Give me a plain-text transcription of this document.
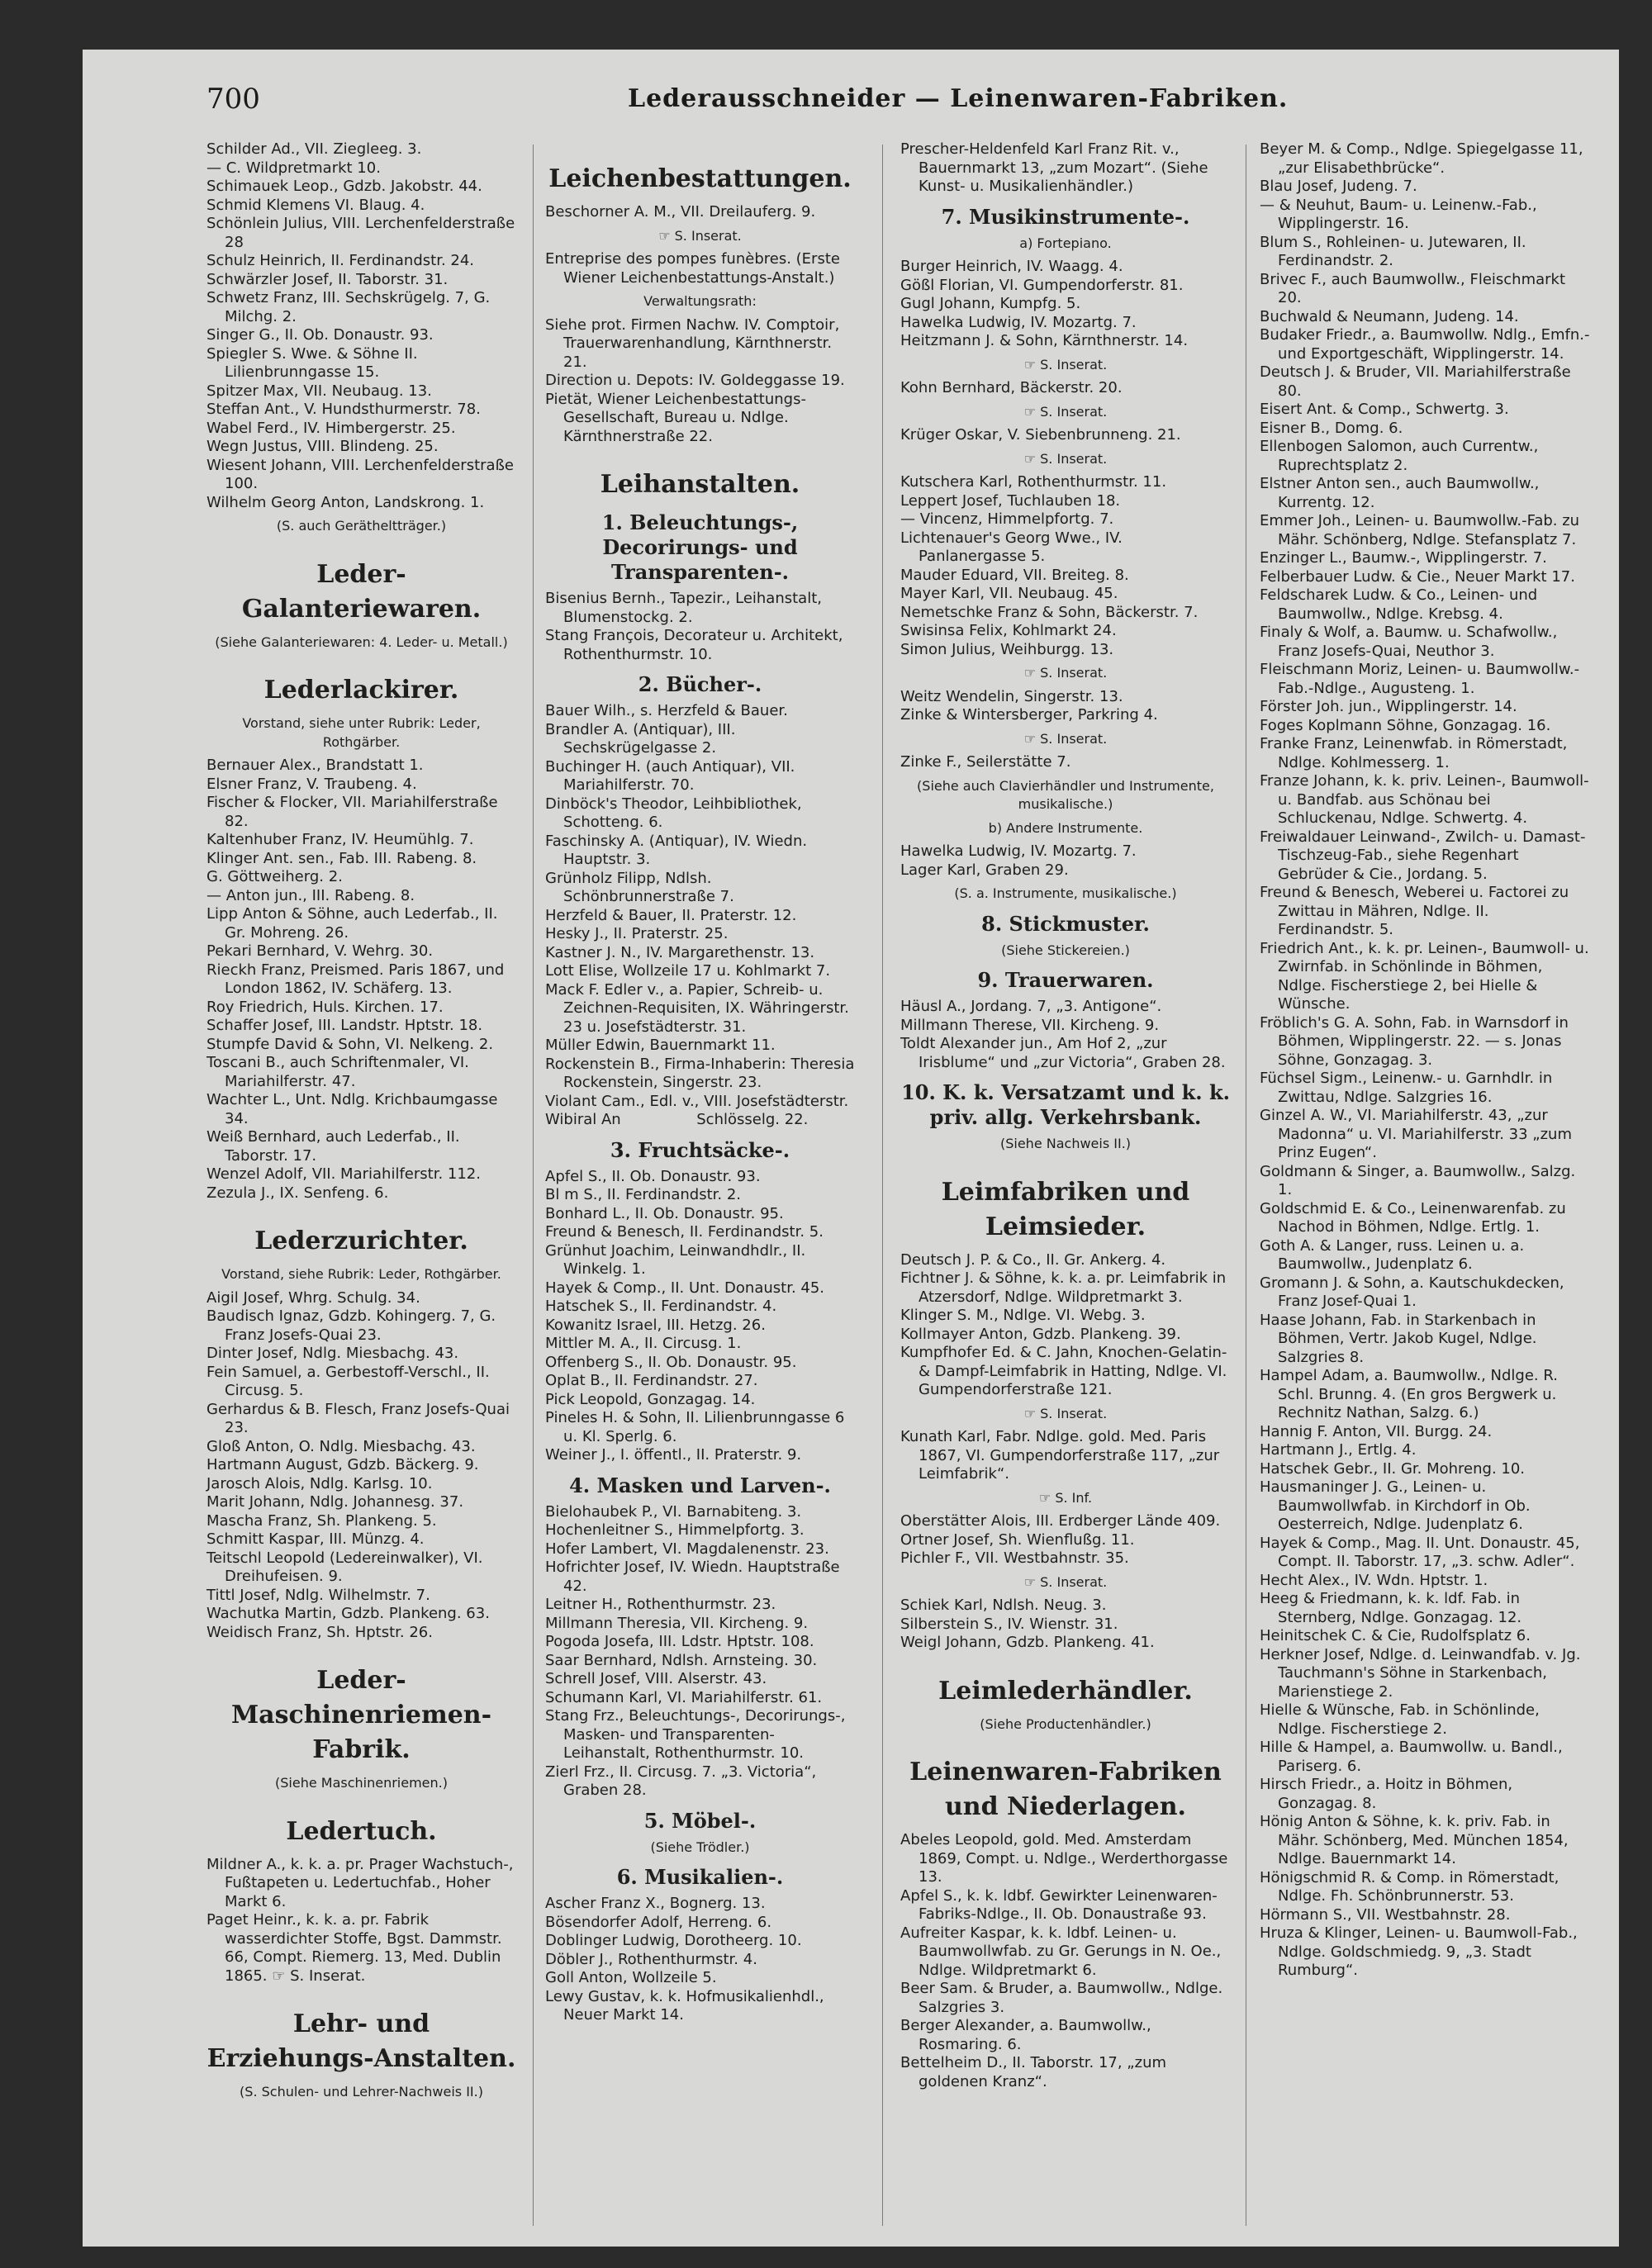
700	Lederausschneider — Leinenwaren-Fabriken.
Schilder Ad., VII. Ziegleeg. 3.
— C. Wildpretmarkt 10.
Schimauek Leop., Gdzb. Jakobstr. 44.
Schmid Klemens VI. Blaug. 4.
Schönlein Julius, VIII. Lerchenfelderstraße 28
Schulz Heinrich, II. Ferdinandstr. 24.
Schwärzler Josef, II. Taborstr. 31.
Schwetz Franz, III. Sechskrügelg. 7, G. Milchg. 2.
Singer G., II. Ob. Donaustr. 93.
Spiegler S. Wwe. & Söhne II. Lilienbrunngasse 15.
Spitzer Max, VII. Neubaug. 13.
Steffan Ant., V. Hundsthurmerstr. 78.
Wabel Ferd., IV. Himbergerstr. 25.
Wegn Justus, VIII. Blindeng. 25.
Wiesent Johann, VIII. Lerchenfelderstraße 100.
Wilhelm Georg Anton, Landskrong. 1.
(S. auch Gerätheltträger.)
Leder-Galanteriewaren.
(Siehe Galanteriewaren: 4. Leder- u. Metall.)
Lederlackirer.
Vorstand, siehe unter Rubrik: Leder, Rothgärber.
Bernauer Alex., Brandstatt 1.
Elsner Franz, V. Traubeng. 4.
Fischer & Flocker, VII. Mariahilferstraße 82.
Kaltenhuber Franz, IV. Heumühlg. 7.
Klinger Ant. sen., Fab. III. Rabeng. 8.
G. Göttweiherg. 2.
— Anton jun., III. Rabeng. 8.
Lipp Anton & Söhne, auch Lederfab., II. Gr. Mohreng. 26.
Pekari Bernhard, V. Wehrg. 30.
Rieckh Franz, Preismed. Paris 1867, und London 1862, IV. Schäferg. 13.
Roy Friedrich, Huls. Kirchen. 17.
Schaffer Josef, III. Landstr. Hptstr. 18.
Stumpfe David & Sohn, VI. Nelkeng. 2.
Toscani B., auch Schriftenmaler, VI. Mariahilferstr. 47.
Wachter L., Unt. Ndlg. Krichbaumgasse 34.
Weiß Bernhard, auch Lederfab., II. Taborstr. 17.
Wenzel Adolf, VII. Mariahilferstr. 112.
Zezula J., IX. Senfeng. 6.
Lederzurichter.
Vorstand, siehe Rubrik: Leder, Rothgärber.
Aigil Josef, Whrg. Schulg. 34.
Baudisch Ignaz, Gdzb. Kohingerg. 7, G. Franz Josefs-Quai 23.
Dinter Josef, Ndlg. Miesbachg. 43.
Fein Samuel, a. Gerbestoff-Verschl., II. Circusg. 5.
Gerhardus & B. Flesch, Franz Josefs-Quai 23.
Gloß Anton, O. Ndlg. Miesbachg. 43.
Hartmann August, Gdzb. Bäckerg. 9.
Jarosch Alois, Ndlg. Karlsg. 10.
Marit Johann, Ndlg. Johannesg. 37.
Mascha Franz, Sh. Plankeng. 5.
Schmitt Kaspar, III. Münzg. 4.
Teitschl Leopold (Ledereinwalker), VI. Dreihufeisen. 9.
Tittl Josef, Ndlg. Wilhelmstr. 7.
Wachutka Martin, Gdzb. Plankeng. 63.
Weidisch Franz, Sh. Hptstr. 26.
Leder-Maschinenriemen-Fabrik.
(Siehe Maschinenriemen.)
Ledertuch.
Mildner A., k. k. a. pr. Prager Wachstuch-, Fußtapeten u. Ledertuchfab., Hoher Markt 6.
Paget Heinr., k. k. a. pr. Fabrik wasserdichter Stoffe, Bgst. Dammstr. 66, Compt. Riemerg. 13, Med. Dublin 1865. ☞ S. Inserat.
Lehr- und Erziehungs-Anstalten.
(S. Schulen- und Lehrer-Nachweis II.)
Leichenbestattungen.
Beschorner A. M., VII. Dreilauferg. 9.
☞ S. Inserat.
Entreprise des pompes funèbres. (Erste Wiener Leichenbestattungs-Anstalt.)
Verwaltungsrath:
Siehe prot. Firmen Nachw. IV. Comptoir, Trauerwarenhandlung, Kärnthnerstr. 21.
Direction u. Depots: IV. Goldeggasse 19.
Pietät, Wiener Leichenbestattungs-Gesellschaft, Bureau u. Ndlge. Kärnthnerstraße 22.
Leihanstalten.
1. Beleuchtungs-, Decorirungs- und Transparenten-.
Bisenius Bernh., Tapezir., Leihanstalt, Blumenstockg. 2.
Stang François, Decorateur u. Architekt, Rothenthurmstr. 10.
2. Bücher-.
Bauer Wilh., s. Herzfeld & Bauer.
Brandler A. (Antiquar), III. Sechskrügelgasse 2.
Buchinger H. (auch Antiquar), VII. Mariahilferstr. 70.
Dinböck's Theodor, Leihbibliothek, Schotteng. 6.
Faschinsky A. (Antiquar), IV. Wiedn. Hauptstr. 3.
Grünholz Filipp, Ndlsh. Schönbrunnerstraße 7.
Herzfeld & Bauer, II. Praterstr. 12.
Hesky J., II. Praterstr. 25.
Kastner J. N., IV. Margarethenstr. 13.
Lott Elise, Wollzeile 17 u. Kohlmarkt 7.
Mack F. Edler v., a. Papier, Schreib- u. Zeichnen-Requisiten, IX. Währingerstr. 23 u. Josefstädterstr. 31.
Müller Edwin, Bauernmarkt 11.
Rockenstein B., Firma-Inhaberin: Theresia Rockenstein, Singerstr. 23.
Violant Cam., Edl. v., VIII. Josefstädterstr.
Wibiral An                Schlösselg. 22.
3. Fruchtsäcke-.
Apfel S., II. Ob. Donaustr. 93.
Bl m S., II. Ferdinandstr. 2.
Bonhard L., II. Ob. Donaustr. 95.
Freund & Benesch, II. Ferdinandstr. 5.
Grünhut Joachim, Leinwandhdlr., II. Winkelg. 1.
Hayek & Comp., II. Unt. Donaustr. 45.
Hatschek S., II. Ferdinandstr. 4.
Kowanitz Israel, III. Hetzg. 26.
Mittler M. A., II. Circusg. 1.
Offenberg S., II. Ob. Donaustr. 95.
Oplat B., II. Ferdinandstr. 27.
Pick Leopold, Gonzagag. 14.
Pineles H. & Sohn, II. Lilienbrunngasse 6 u. Kl. Sperlg. 6.
Weiner J., I. öffentl., II. Praterstr. 9.
4. Masken und Larven-.
Bielohaubek P., VI. Barnabiteng. 3.
Hochenleitner S., Himmelpfortg. 3.
Hofer Lambert, VI. Magdalenenstr. 23.
Hofrichter Josef, IV. Wiedn. Hauptstraße 42.
Leitner H., Rothenthurmstr. 23.
Millmann Theresia, VII. Kircheng. 9.
Pogoda Josefa, III. Ldstr. Hptstr. 108.
Saar Bernhard, Ndlsh. Arnsteing. 30.
Schrell Josef, VIII. Alserstr. 43.
Schumann Karl, VI. Mariahilferstr. 61.
Stang Frz., Beleuchtungs-, Decorirungs-, Masken- und Transparenten-Leihanstalt, Rothenthurmstr. 10.
Zierl Frz., II. Circusg. 7. „3. Victoria“, Graben 28.
5. Möbel-.
(Siehe Trödler.)
6. Musikalien-.
Ascher Franz X., Bognerg. 13.
Bösendorfer Adolf, Herreng. 6.
Doblinger Ludwig, Dorotheerg. 10.
Döbler J., Rothenthurmstr. 4.
Goll Anton, Wollzeile 5.
Lewy Gustav, k. k. Hofmusikalienhdl., Neuer Markt 14.
Prescher-Heldenfeld Karl Franz Rit. v., Bauernmarkt 13, „zum Mozart“. (Siehe Kunst- u. Musikalienhändler.)
7. Musikinstrumente-.
a) Fortepiano.
Burger Heinrich, IV. Waagg. 4.
Gößl Florian, VI. Gumpendorferstr. 81.
Gugl Johann, Kumpfg. 5.
Hawelka Ludwig, IV. Mozartg. 7.
Heitzmann J. & Sohn, Kärnthnerstr. 14.
☞ S. Inserat.
Kohn Bernhard, Bäckerstr. 20.
☞ S. Inserat.
Krüger Oskar, V. Siebenbrunneng. 21.
☞ S. Inserat.
Kutschera Karl, Rothenthurmstr. 11.
Leppert Josef, Tuchlauben 18.
— Vincenz, Himmelpfortg. 7.
Lichtenauer's Georg Wwe., IV. Panlanergasse 5.
Mauder Eduard, VII. Breiteg. 8.
Mayer Karl, VII. Neubaug. 45.
Nemetschke Franz & Sohn, Bäckerstr. 7.
Swisinsa Felix, Kohlmarkt 24.
Simon Julius, Weihburgg. 13.
☞ S. Inserat.
Weitz Wendelin, Singerstr. 13.
Zinke & Wintersberger, Parkring 4.
☞ S. Inserat.
Zinke F., Seilerstätte 7.
(Siehe auch Clavierhändler und Instrumente, musikalische.)
b) Andere Instrumente.
Hawelka Ludwig, IV. Mozartg. 7.
Lager Karl, Graben 29.
(S. a. Instrumente, musikalische.)
8. Stickmuster.
(Siehe Stickereien.)
9. Trauerwaren.
Häusl A., Jordang. 7, „3. Antigone“.
Millmann Therese, VII. Kircheng. 9.
Toldt Alexander jun., Am Hof 2, „zur Irisblume“ und „zur Victoria“, Graben 28.
10. K. k. Versatzamt und k. k. priv. allg. Verkehrsbank.
(Siehe Nachweis II.)
Leimfabriken und Leimsieder.
Deutsch J. P. & Co., II. Gr. Ankerg. 4.
Fichtner J. & Söhne, k. k. a. pr. Leimfabrik in Atzersdorf, Ndlge. Wildpretmarkt 3.
Klinger S. M., Ndlge. VI. Webg. 3.
Kollmayer Anton, Gdzb. Plankeng. 39.
Kumpfhofer Ed. & C. Jahn, Knochen-Gelatin- & Dampf-Leimfabrik in Hatting, Ndlge. VI. Gumpendorferstraße 121.
☞ S. Inserat.
Kunath Karl, Fabr. Ndlge. gold. Med. Paris 1867, VI. Gumpendorferstraße 117, „zur Leimfabrik“.
☞ S. Inf.
Oberstätter Alois, III. Erdberger Lände 409.
Ortner Josef, Sh. Wienflußg. 11.
Pichler F., VII. Westbahnstr. 35.
☞ S. Inserat.
Schiek Karl, Ndlsh. Neug. 3.
Silberstein S., IV. Wienstr. 31.
Weigl Johann, Gdzb. Plankeng. 41.
Leimlederhändler.
(Siehe Productenhändler.)
Leinenwaren-Fabriken und Niederlagen.
Abeles Leopold, gold. Med. Amsterdam 1869, Compt. u. Ndlge., Werderthorgasse 13.
Apfel S., k. k. ldbf. Gewirkter Leinenwaren-Fabriks-Ndlge., II. Ob. Donaustraße 93.
Aufreiter Kaspar, k. k. ldbf. Leinen- u. Baumwollwfab. zu Gr. Gerungs in N. Oe., Ndlge. Wildpretmarkt 6.
Beer Sam. & Bruder, a. Baumwollw., Ndlge. Salzgries 3.
Berger Alexander, a. Baumwollw., Rosmaring. 6.
Bettelheim D., II. Taborstr. 17, „zum goldenen Kranz“.
Beyer M. & Comp., Ndlge. Spiegelgasse 11, „zur Elisabethbrücke“.
Blau Josef, Judeng. 7.
— & Neuhut, Baum- u. Leinenw.-Fab., Wipplingerstr. 16.
Blum S., Rohleinen- u. Jutewaren, II. Ferdinandstr. 2.
Brivec F., auch Baumwollw., Fleischmarkt 20.
Buchwald & Neumann, Judeng. 14.
Budaker Friedr., a. Baumwollw. Ndlg., Emfn.- und Exportgeschäft, Wipplingerstr. 14.
Deutsch J. & Bruder, VII. Mariahilferstraße 80.
Eisert Ant. & Comp., Schwertg. 3.
Eisner B., Domg. 6.
Ellenbogen Salomon, auch Currentw., Ruprechtsplatz 2.
Elstner Anton sen., auch Baumwollw., Kurrentg. 12.
Emmer Joh., Leinen- u. Baumwollw.-Fab. zu Mähr. Schönberg, Ndlge. Stefansplatz 7.
Enzinger L., Baumw.-, Wipplingerstr. 7.
Felberbauer Ludw. & Cie., Neuer Markt 17.
Feldscharek Ludw. & Co., Leinen- und Baumwollw., Ndlge. Krebsg. 4.
Finaly & Wolf, a. Baumw. u. Schafwollw., Franz Josefs-Quai, Neuthor 3.
Fleischmann Moriz, Leinen- u. Baumwollw.-Fab.-Ndlge., Augusteng. 1.
Förster Joh. jun., Wipplingerstr. 14.
Foges Koplmann Söhne, Gonzagag. 16.
Franke Franz, Leinenwfab. in Römerstadt, Ndlge. Kohlmesserg. 1.
Franze Johann, k. k. priv. Leinen-, Baumwoll- u. Bandfab. aus Schönau bei Schluckenau, Ndlge. Schwertg. 4.
Freiwaldauer Leinwand-, Zwilch- u. Damast-Tischzeug-Fab., siehe Regenhart Gebrüder & Cie., Jordang. 5.
Freund & Benesch, Weberei u. Factorei zu Zwittau in Mähren, Ndlge. II. Ferdinandstr. 5.
Friedrich Ant., k. k. pr. Leinen-, Baumwoll- u. Zwirnfab. in Schönlinde in Böhmen, Ndlge. Fischerstiege 2, bei Hielle & Wünsche.
Fröblich's G. A. Sohn, Fab. in Warnsdorf in Böhmen, Wipplingerstr. 22. — s. Jonas Söhne, Gonzagag. 3.
Füchsel Sigm., Leinenw.- u. Garnhdlr. in Zwittau, Ndlge. Salzgries 16.
Ginzel A. W., VI. Mariahilferstr. 43, „zur Madonna“ u. VI. Mariahilferstr. 33 „zum Prinz Eugen“.
Goldmann & Singer, a. Baumwollw., Salzg. 1.
Goldschmid E. & Co., Leinenwarenfab. zu Nachod in Böhmen, Ndlge. Ertlg. 1.
Goth A. & Langer, russ. Leinen u. a. Baumwollw., Judenplatz 6.
Gromann J. & Sohn, a. Kautschukdecken, Franz Josef-Quai 1.
Haase Johann, Fab. in Starkenbach in Böhmen, Vertr. Jakob Kugel, Ndlge. Salzgries 8.
Hampel Adam, a. Baumwollw., Ndlge. R. Schl. Brunng. 4. (En gros Bergwerk u. Rechnitz Nathan, Salzg. 6.)
Hannig F. Anton, VII. Burgg. 24.
Hartmann J., Ertlg. 4.
Hatschek Gebr., II. Gr. Mohreng. 10.
Hausmaninger J. G., Leinen- u. Baumwollwfab. in Kirchdorf in Ob. Oesterreich, Ndlge. Judenplatz 6.
Hayek & Comp., Mag. II. Unt. Donaustr. 45, Compt. II. Taborstr. 17, „3. schw. Adler“.
Hecht Alex., IV. Wdn. Hptstr. 1.
Heeg & Friedmann, k. k. ldf. Fab. in Sternberg, Ndlge. Gonzagag. 12.
Heinitschek C. & Cie, Rudolfsplatz 6.
Herkner Josef, Ndlge. d. Leinwandfab. v. Jg. Tauchmann's Söhne in Starkenbach, Marienstiege 2.
Hielle & Wünsche, Fab. in Schönlinde, Ndlge. Fischerstiege 2.
Hille & Hampel, a. Baumwollw. u. Bandl., Pariserg. 6.
Hirsch Friedr., a. Hoitz in Böhmen, Gonzagag. 8.
Hönig Anton & Söhne, k. k. priv. Fab. in Mähr. Schönberg, Med. München 1854, Ndlge. Bauernmarkt 14.
Hönigschmid R. & Comp. in Römerstadt, Ndlge. Fh. Schönbrunnerstr. 53.
Hörmann S., VII. Westbahnstr. 28.
Hruza & Klinger, Leinen- u. Baumwoll-Fab., Ndlge. Goldschmiedg. 9, „3. Stadt Rumburg“.
